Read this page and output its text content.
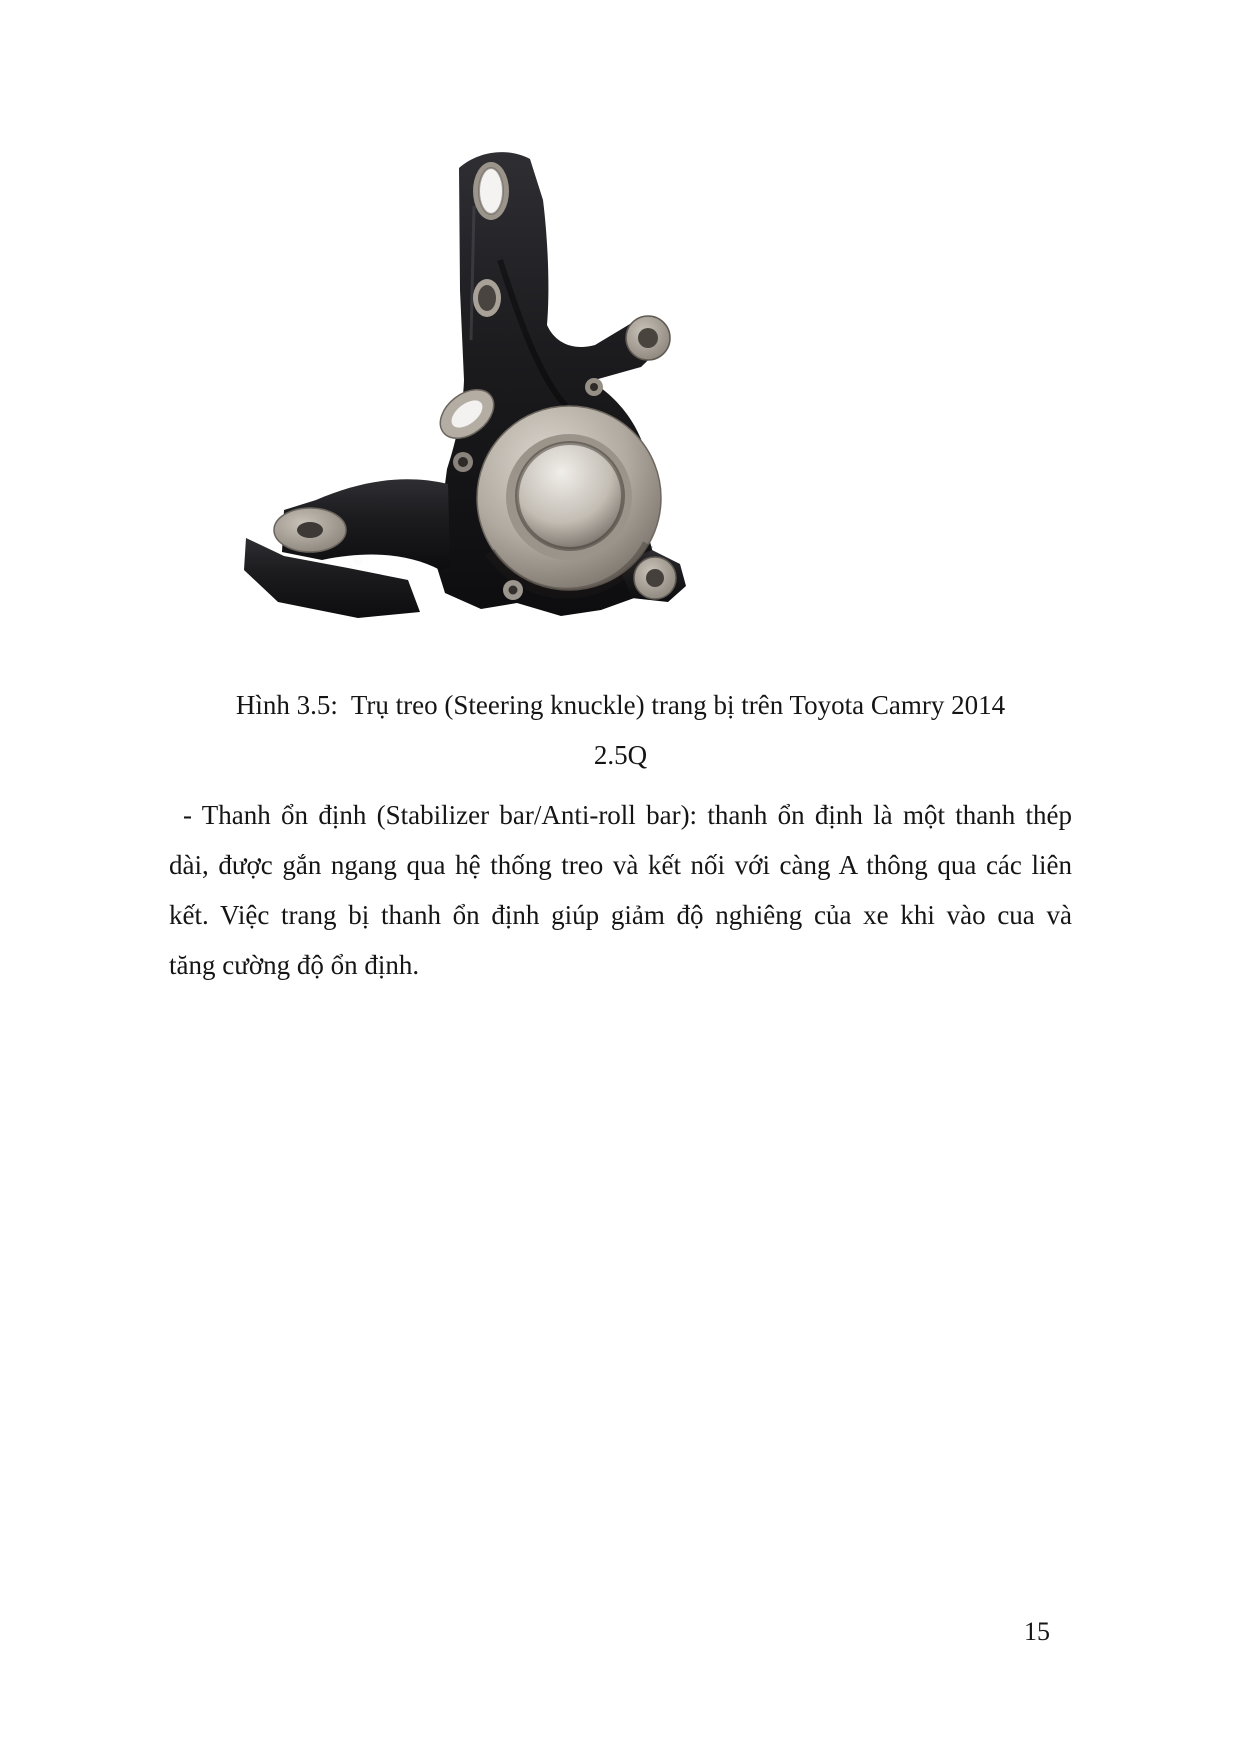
Hình 3.5:  Trụ treo (Steering knuckle) trang bị trên Toyota Camry 2014
2.5Q
- Thanh ổn định (Stabilizer bar/Anti-roll bar): thanh ổn định là một thanh thép
dài, được gắn ngang qua hệ thống treo và kết nối với càng A thông qua các liên
kết. Việc trang bị thanh ổn định giúp giảm độ nghiêng của xe khi vào cua và
tăng cường độ ổn định.
15
